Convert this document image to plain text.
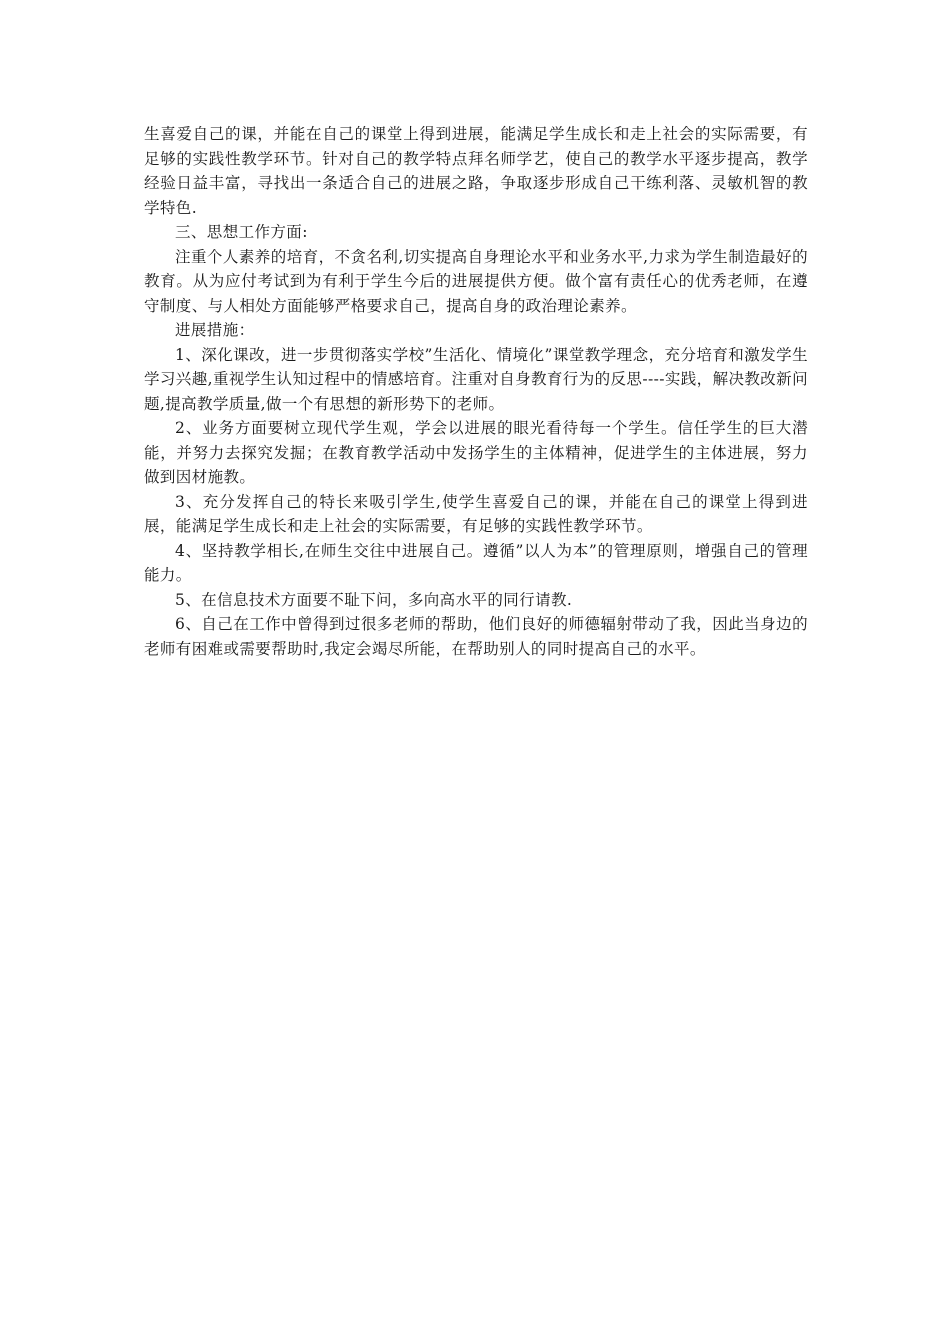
生喜爱自己的课，并能在自己的课堂上得到进展，能满足学生成长和走上社会的实际需要，有足够的实践性教学环节。针对自己的教学特点拜名师学艺，使自己的教学水平逐步提高，教学经验日益丰富，寻找出一条适合自己的进展之路，争取逐步形成自己干练利落、灵敏机智的教学特色.

三、思想工作方面:

注重个人素养的培育，不贪名利,切实提高自身理论水平和业务水平,力求为学生制造最好的教育。从为应付考试到为有利于学生今后的进展提供方便。做个富有责任心的优秀老师，在遵守制度、与人相处方面能够严格要求自己，提高自身的政治理论素养。

进展措施：

1、深化课改，进一步贯彻落实学校”生活化、情境化”课堂教学理念，充分培育和激发学生学习兴趣,重视学生认知过程中的情感培育。注重对自身教育行为的反思----实践，解决教改新问题,提高教学质量,做一个有思想的新形势下的老师。

2、业务方面要树立现代学生观，学会以进展的眼光看待每一个学生。信任学生的巨大潜能，并努力去探究发掘；在教育教学活动中发扬学生的主体精神，促进学生的主体进展，努力做到因材施教。

3、充分发挥自己的特长来吸引学生,使学生喜爱自己的课，并能在自己的课堂上得到进展，能满足学生成长和走上社会的实际需要，有足够的实践性教学环节。

4、坚持教学相长,在师生交往中进展自己。遵循”以人为本”的管理原则，增强自己的管理能力。

5、在信息技术方面要不耻下问，多向高水平的同行请教.

6、自己在工作中曾得到过很多老师的帮助，他们良好的师德辐射带动了我，因此当身边的老师有困难或需要帮助时,我定会竭尽所能，在帮助别人的同时提高自己的水平。
